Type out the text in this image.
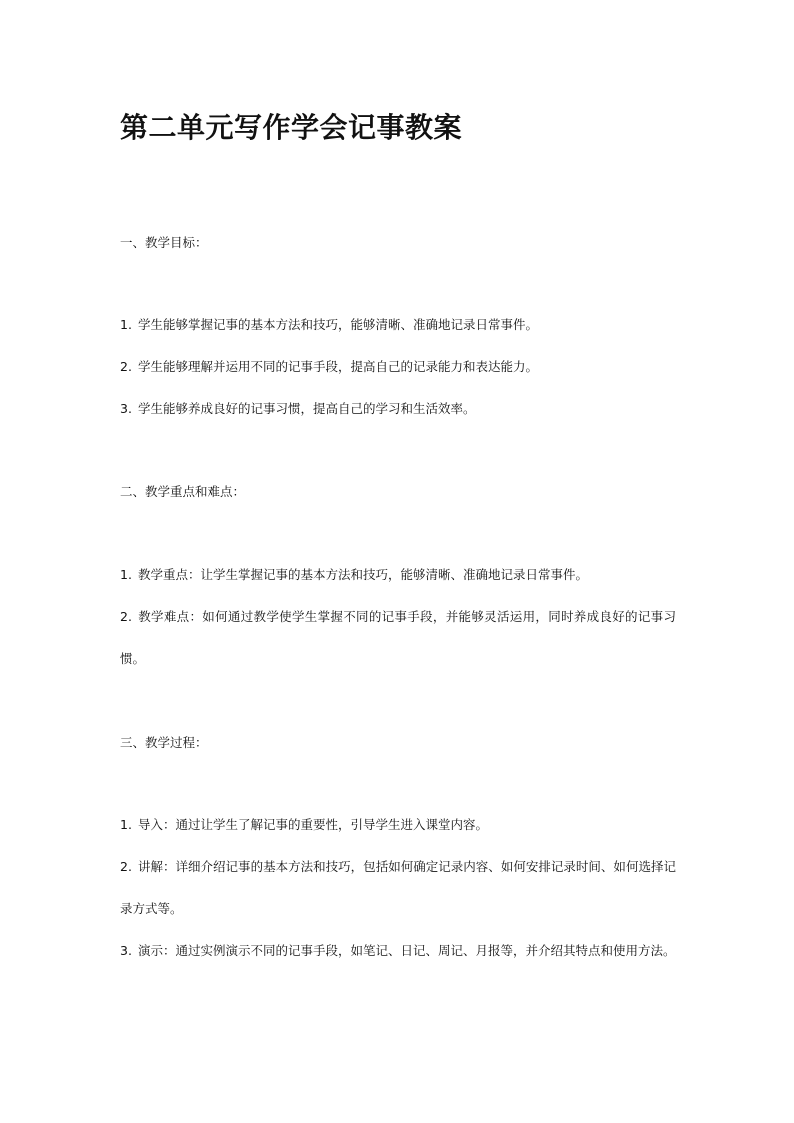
第二单元写作学会记事教案
一、教学目标：

1. 学生能够掌握记事的基本方法和技巧，能够清晰、准确地记录日常事件。

2. 学生能够理解并运用不同的记事手段，提高自己的记录能力和表达能力。

3. 学生能够养成良好的记事习惯，提高自己的学习和生活效率。

二、教学重点和难点：

1. 教学重点：让学生掌握记事的基本方法和技巧，能够清晰、准确地记录日常事件。

2. 教学难点：如何通过教学使学生掌握不同的记事手段，并能够灵活运用，同时养成良好的记事习惯。

三、教学过程：

1. 导入：通过让学生了解记事的重要性，引导学生进入课堂内容。

2. 讲解：详细介绍记事的基本方法和技巧，包括如何确定记录内容、如何安排记录时间、如何选择记录方式等。

3. 演示：通过实例演示不同的记事手段，如笔记、日记、周记、月报等，并介绍其特点和使用方法。
